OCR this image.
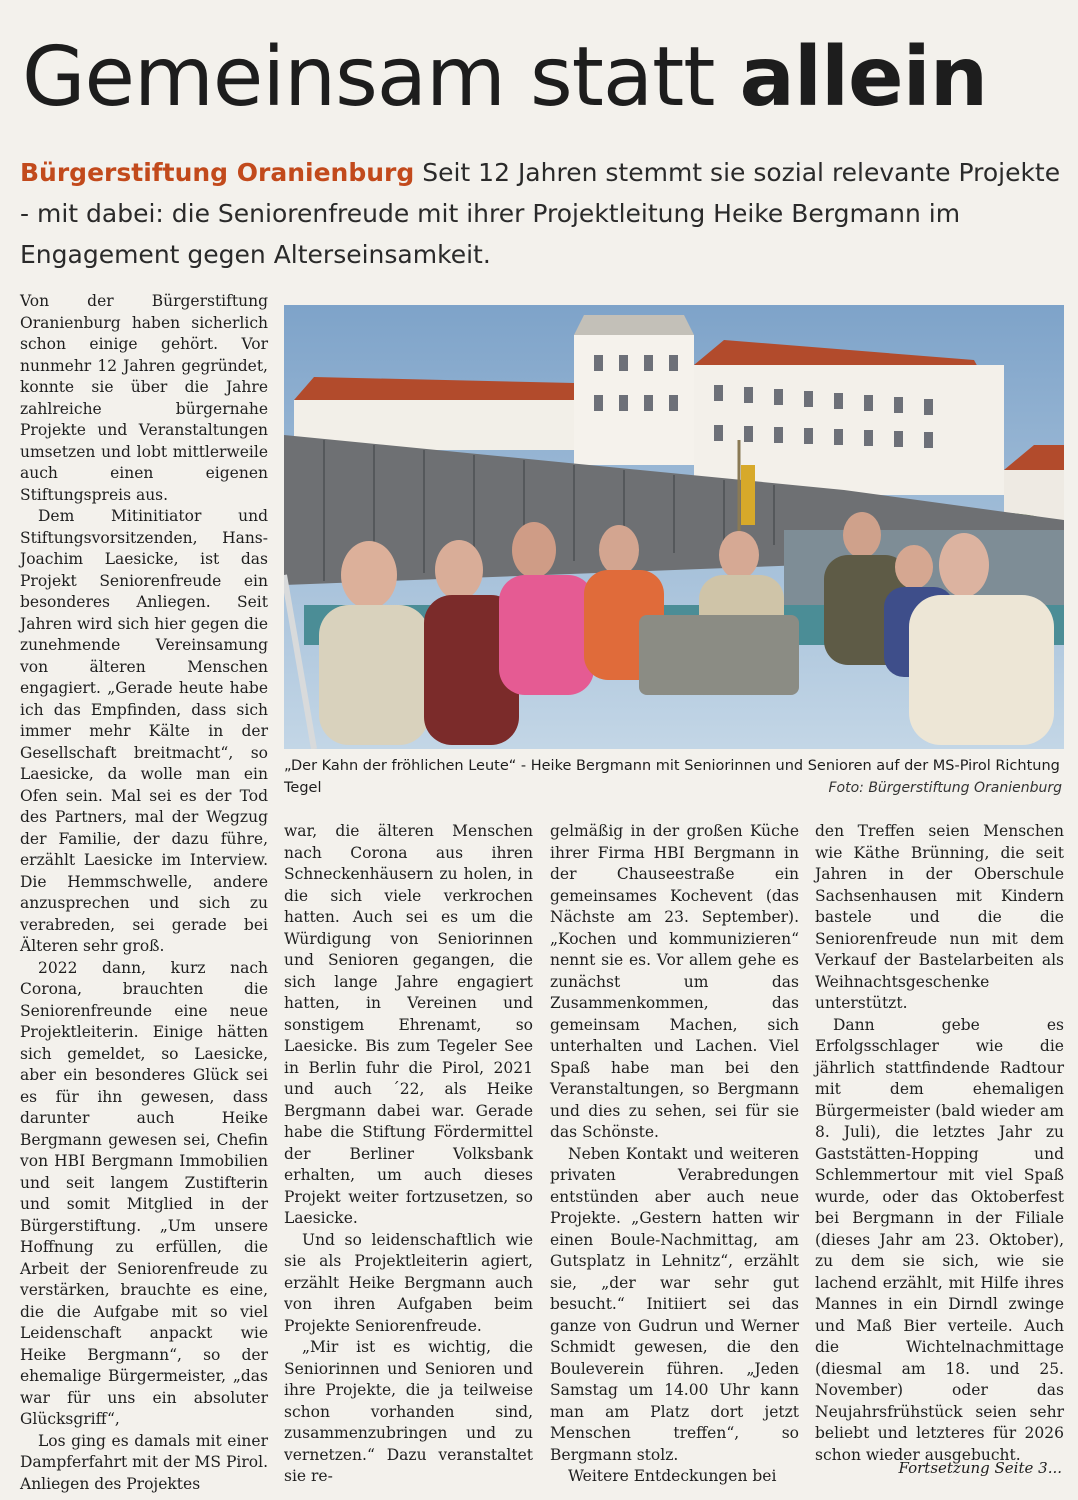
Gemeinsam statt allein

Bürgerstiftung Oranienburg Seit 12 Jahren stemmt sie sozial relevante Projekte - mit dabei: die Seniorenfreude mit ihrer Projektleitung Heike Bergmann im Engagement gegen Alterseinsamkeit.

Von der Bürgerstiftung Oranienburg haben sicherlich schon einige gehört. Vor nunmehr 12 Jahren gegründet, konnte sie über die Jahre zahlreiche bürgernahe Projekte und Veranstaltungen umsetzen und lobt mittlerweile auch einen eigenen Stiftungspreis aus.

Dem Mitinitiator und Stiftungsvorsitzenden, Hans-Joachim Laesicke, ist das Projekt Seniorenfreude ein besonderes Anliegen. Seit Jahren wird sich hier gegen die zunehmende Vereinsamung von älteren Menschen engagiert. „Gerade heute habe ich das Empfinden, dass sich immer mehr Kälte in der Gesellschaft breitmacht“, so Laesicke, da wolle man ein Ofen sein. Mal sei es der Tod des Partners, mal der Wegzug der Familie, der dazu führe, erzählt Laesicke im Interview. Die Hemmschwelle, andere anzusprechen und sich zu verabreden, sei gerade bei Älteren sehr groß.

2022 dann, kurz nach Corona, brauchten die Seniorenfreunde eine neue Projektleiterin. Einige hätten sich gemeldet, so Laesicke, aber ein besonderes Glück sei es für ihn gewesen, dass darunter auch Heike Bergmann gewesen sei, Chefin von HBI Bergmann Immobilien und seit langem Zustifterin und somit Mitglied in der Bürgerstiftung. „Um unsere Hoffnung zu erfüllen, die Arbeit der Seniorenfreude zu verstärken, brauchte es eine, die die Aufgabe mit so viel Leidenschaft anpackt wie Heike Bergmann“, so der ehemalige Bürgermeister, „das war für uns ein absoluter Glücksgriff“,

Los ging es damals mit einer Dampferfahrt mit der MS Pirol. Anliegen des Projektes

„Der Kahn der fröhlichen Leute“ - Heike Bergmann mit Seniorinnen und Senioren auf der MS-Pirol Richtung Tegel	Foto: Bürgerstiftung Oranienburg

war, die älteren Menschen nach Corona aus ihren Schneckenhäusern zu holen, in die sich viele verkrochen hatten. Auch sei es um die Würdigung von Seniorinnen und Senioren gegangen, die sich lange Jahre engagiert hatten, in Vereinen und sonstigem Ehrenamt, so Laesicke. Bis zum Tegeler See in Berlin fuhr die Pirol, 2021 und auch ´22, als Heike Bergmann dabei war. Gerade habe die Stiftung Fördermittel der Berliner Volksbank erhalten, um auch dieses Projekt weiter fortzusetzen, so Laesicke.

Und so leidenschaftlich wie sie als Projektleiterin agiert, erzählt Heike Bergmann auch von ihren Aufgaben beim Projekte Seniorenfreude.

„Mir ist es wichtig, die Seniorinnen und Senioren und ihre Projekte, die ja teilweise schon vorhanden sind, zusammenzubringen und zu vernetzen.“ Dazu veranstaltet sie re-

gelmäßig in der großen Küche ihrer Firma HBI Bergmann in der Chauseestraße ein gemeinsames Kochevent (das Nächste am 23. September). „Kochen und kommunizieren“ nennt sie es. Vor allem gehe es zunächst um das Zusammenkommen, das gemeinsam Machen, sich unterhalten und Lachen. Viel Spaß habe man bei den Veranstaltungen, so Bergmann und dies zu sehen, sei für sie das Schönste.

Neben Kontakt und weiteren privaten Verabredungen entstünden aber auch neue Projekte. „Gestern hatten wir einen Boule-Nachmittag, am Gutsplatz in Lehnitz“, erzählt sie, „der war sehr gut besucht.“ Initiiert sei das ganze von Gudrun und Werner Schmidt gewesen, die den Bouleverein führen. „Jeden Samstag um 14.00 Uhr kann man am Platz dort jetzt Menschen treffen“, so Bergmann stolz.

Weitere Entdeckungen bei

den Treffen seien Menschen wie Käthe Brünning, die seit Jahren in der Oberschule Sachsenhausen mit Kindern bastele und die die Seniorenfreude nun mit dem Verkauf der Bastelarbeiten als Weihnachtsgeschenke unterstützt.

Dann gebe es Erfolgsschlager wie die jährlich stattfindende Radtour mit dem ehemaligen Bürgermeister (bald wieder am 8. Juli), die letztes Jahr zu Gaststätten-Hopping und Schlemmertour mit viel Spaß wurde, oder das Oktoberfest bei Bergmann in der Filiale (dieses Jahr am 23. Oktober), zu dem sie sich, wie sie lachend erzählt, mit Hilfe ihres Mannes in ein Dirndl zwinge und Maß Bier verteile. Auch die Wichtelnachmittage (diesmal am 18. und 25. November) oder das Neujahrsfrühstück seien sehr beliebt und letzteres für 2026 schon wieder ausgebucht.

Fortsetzung Seite 3...
